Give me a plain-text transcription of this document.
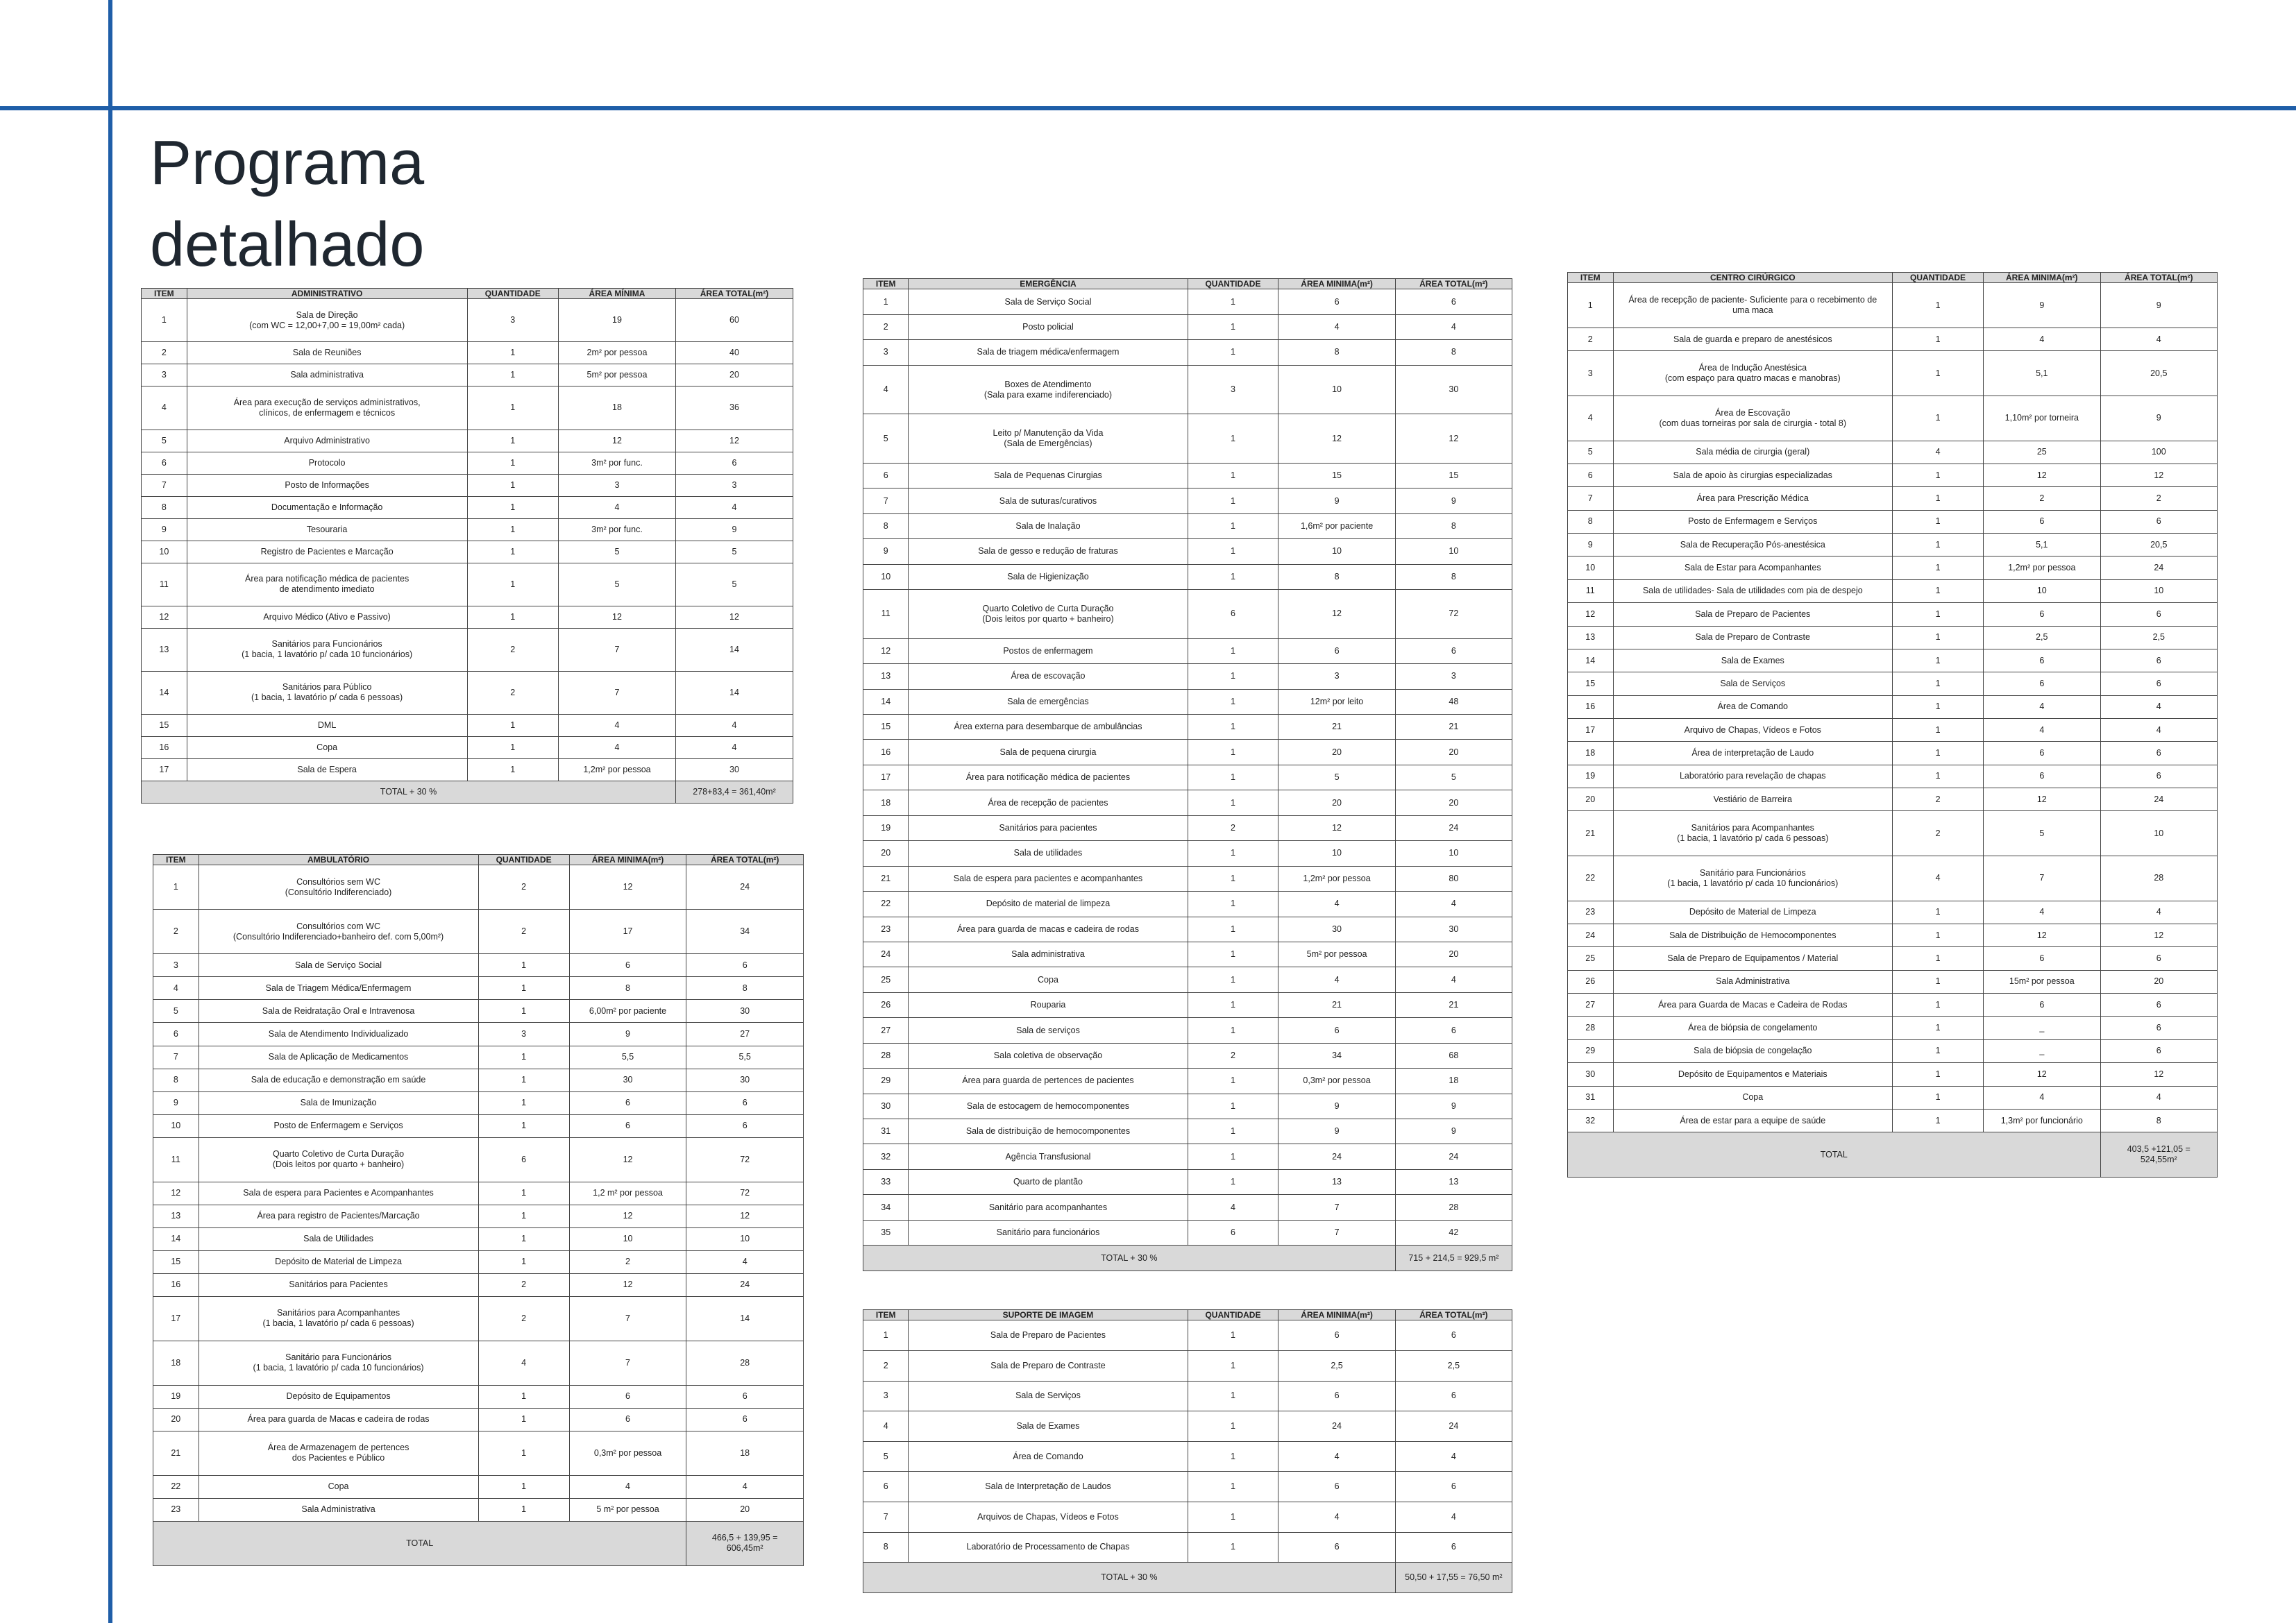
Programa
detalhado
ITEM	ADMINISTRATIVO	QUANTIDADE	ÁREA MÍNIMA	ÁREA TOTAL(m²)
1	Sala de Direção
(com WC = 12,00+7,00 = 19,00m² cada)	3	19	60
2	Sala de Reuniões	1	2m² por pessoa	40
3	Sala administrativa	1	5m² por pessoa	20
4	Área para execução de serviços administrativos,
clínicos, de enfermagem e técnicos	1	18	36
5	Arquivo Administrativo	1	12	12
6	Protocolo	1	3m² por func.	6
7	Posto de Informações	1	3	3
8	Documentação e Informação	1	4	4
9	Tesouraria	1	3m² por func.	9
10	Registro de Pacientes e Marcação	1	5	5
11	Área para notificação médica de pacientes
de atendimento imediato	1	5	5
12	Arquivo Médico (Ativo e Passivo)	1	12	12
13	Sanitários para Funcionários
(1 bacia, 1 lavatório p/ cada 10 funcionários)	2	7	14
14	Sanitários para Público
(1 bacia, 1 lavatório p/ cada 6 pessoas)	2	7	14
15	DML	1	4	4
16	Copa	1	4	4
17	Sala de Espera	1	1,2m² por pessoa	30
TOTAL + 30 %				278+83,4 = 361,40m²
ITEM	AMBULATÓRIO	QUANTIDADE	ÁREA MINIMA(m²)	ÁREA TOTAL(m²)
1	Consultórios sem WC
(Consultório Indiferenciado)	2	12	24
2	Consultórios com WC
(Consultório Indiferenciado+banheiro def. com 5,00m²)	2	17	34
3	Sala de Serviço Social	1	6	6
4	Sala de Triagem Médica/Enfermagem	1	8	8
5	Sala de Reidratação Oral e Intravenosa	1	6,00m² por paciente	30
6	Sala de Atendimento Individualizado	3	9	27
7	Sala de Aplicação de Medicamentos	1	5,5	5,5
8	Sala de educação e demonstração em saúde	1	30	30
9	Sala de Imunização	1	6	6
10	Posto de Enfermagem e Serviços	1	6	6
11	Quarto Coletivo de Curta Duração
(Dois leitos por quarto + banheiro)	6	12	72
12	Sala de espera para Pacientes e Acompanhantes	1	1,2 m² por pessoa	72
13	Área para registro de Pacientes/Marcação	1	12	12
14	Sala de Utilidades	1	10	10
15	Depósito de Material de Limpeza	1	2	4
16	Sanitários para Pacientes	2	12	24
17	Sanitários para Acompanhantes
(1 bacia, 1 lavatório p/ cada 6 pessoas)	2	7	14
18	Sanitário para Funcionários
(1 bacia, 1 lavatório p/ cada 10 funcionários)	4	7	28
19	Depósito de Equipamentos	1	6	6
20	Área para guarda de Macas e cadeira de rodas	1	6	6
21	Área de Armazenagem de pertences
dos Pacientes e Público	1	0,3m² por pessoa	18
22	Copa	1	4	4
23	Sala Administrativa	1	5 m² por pessoa	20
TOTAL				466,5 + 139,95 =
606,45m²
ITEM	EMERGÊNCIA	QUANTIDADE	ÁREA MINIMA(m²)	ÁREA TOTAL(m²)
1	Sala de Serviço Social	1	6	6
2	Posto policial	1	4	4
3	Sala de triagem médica/enfermagem	1	8	8
4	Boxes de Atendimento
(Sala para exame indiferenciado)	3	10	30
5	Leito p/ Manutenção da Vida
(Sala de Emergências)	1	12	12
6	Sala de Pequenas Cirurgias	1	15	15
7	Sala de suturas/curativos	1	9	9
8	Sala de Inalação	1	1,6m² por paciente	8
9	Sala de gesso e redução de fraturas	1	10	10
10	Sala de Higienização	1	8	8
11	Quarto Coletivo de Curta Duração
(Dois leitos por quarto + banheiro)	6	12	72
12	Postos de enfermagem	1	6	6
13	Área de escovação	1	3	3
14	Sala de emergências	1	12m² por leito	48
15	Área externa para desembarque de ambulâncias	1	21	21
16	Sala de pequena cirurgia	1	20	20
17	Área para notificação médica de pacientes	1	5	5
18	Área de recepção de pacientes	1	20	20
19	Sanitários para pacientes	2	12	24
20	Sala de utilidades	1	10	10
21	Sala de espera para pacientes e acompanhantes	1	1,2m² por pessoa	80
22	Depósito de material de limpeza	1	4	4
23	Área para guarda de macas e cadeira de rodas	1	30	30
24	Sala administrativa	1	5m² por pessoa	20
25	Copa	1	4	4
26	Rouparia	1	21	21
27	Sala de serviços	1	6	6
28	Sala coletiva de observação	2	34	68
29	Área para guarda de pertences de pacientes	1	0,3m² por pessoa	18
30	Sala de estocagem de hemocomponentes	1	9	9
31	Sala de distribuição de hemocomponentes	1	9	9
32	Agência Transfusional	1	24	24
33	Quarto de plantão	1	13	13
34	Sanitário para acompanhantes	4	7	28
35	Sanitário para funcionários	6	7	42
TOTAL + 30 %				715 + 214,5 = 929,5 m²
ITEM	SUPORTE DE IMAGEM	QUANTIDADE	ÁREA MINIMA(m²)	ÁREA TOTAL(m²)
1	Sala de Preparo de Pacientes	1	6	6
2	Sala de Preparo de Contraste	1	2,5	2,5
3	Sala de Serviços	1	6	6
4	Sala de Exames	1	24	24
5	Área de Comando	1	4	4
6	Sala de Interpretação de Laudos	1	6	6
7	Arquivos de Chapas, Vídeos e Fotos	1	4	4
8	Laboratório de Processamento de Chapas	1	6	6
TOTAL + 30 %				50,50 + 17,55 = 76,50 m²
ITEM	CENTRO CIRÚRGICO	QUANTIDADE	ÁREA MINIMA(m²)	ÁREA TOTAL(m²)
1	Área de recepção de paciente- Suficiente para o recebimento de
uma maca	1	9	9
2	Sala de guarda e preparo de anestésicos	1	4	4
3	Área de Indução Anestésica
(com espaço para quatro macas e manobras)	1	5,1	20,5
4	Área de Escovação
(com duas torneiras por sala de cirurgia - total 8)	1	1,10m² por torneira	9
5	Sala média de cirurgia (geral)	4	25	100
6	Sala de apoio às cirurgias especializadas	1	12	12
7	Área para Prescrição Médica	1	2	2
8	Posto de Enfermagem e Serviços	1	6	6
9	Sala de Recuperação Pós-anestésica	1	5,1	20,5
10	Sala de Estar para Acompanhantes	1	1,2m² por pessoa	24
11	Sala de utilidades- Sala de utilidades com pia de despejo	1	10	10
12	Sala de Preparo de Pacientes	1	6	6
13	Sala de Preparo de Contraste	1	2,5	2,5
14	Sala de Exames	1	6	6
15	Sala de Serviços	1	6	6
16	Área de Comando	1	4	4
17	Arquivo de Chapas, Vídeos e Fotos	1	4	4
18	Área de interpretação de Laudo	1	6	6
19	Laboratório para revelação de chapas	1	6	6
20	Vestiário de Barreira	2	12	24
21	Sanitários para Acompanhantes
(1 bacia, 1 lavatório p/ cada 6 pessoas)	2	5	10
22	Sanitário para Funcionários
(1 bacia, 1 lavatório p/ cada 10 funcionários)	4	7	28
23	Depósito de Material de Limpeza	1	4	4
24	Sala de Distribuição de Hemocomponentes	1	12	12
25	Sala de Preparo de Equipamentos / Material	1	6	6
26	Sala Administrativa	1	15m² por pessoa	20
27	Área para Guarda de Macas e Cadeira de Rodas	1	6	6
28	Área de biópsia de congelamento	1	_	6
29	Sala de biópsia de congelação	1	_	6
30	Depósito de Equipamentos e Materiais	1	12	12
31	Copa	1	4	4
32	Área de estar para a equipe de saúde	1	1,3m² por funcionário	8
TOTAL				403,5 +121,05 =
524,55m²
